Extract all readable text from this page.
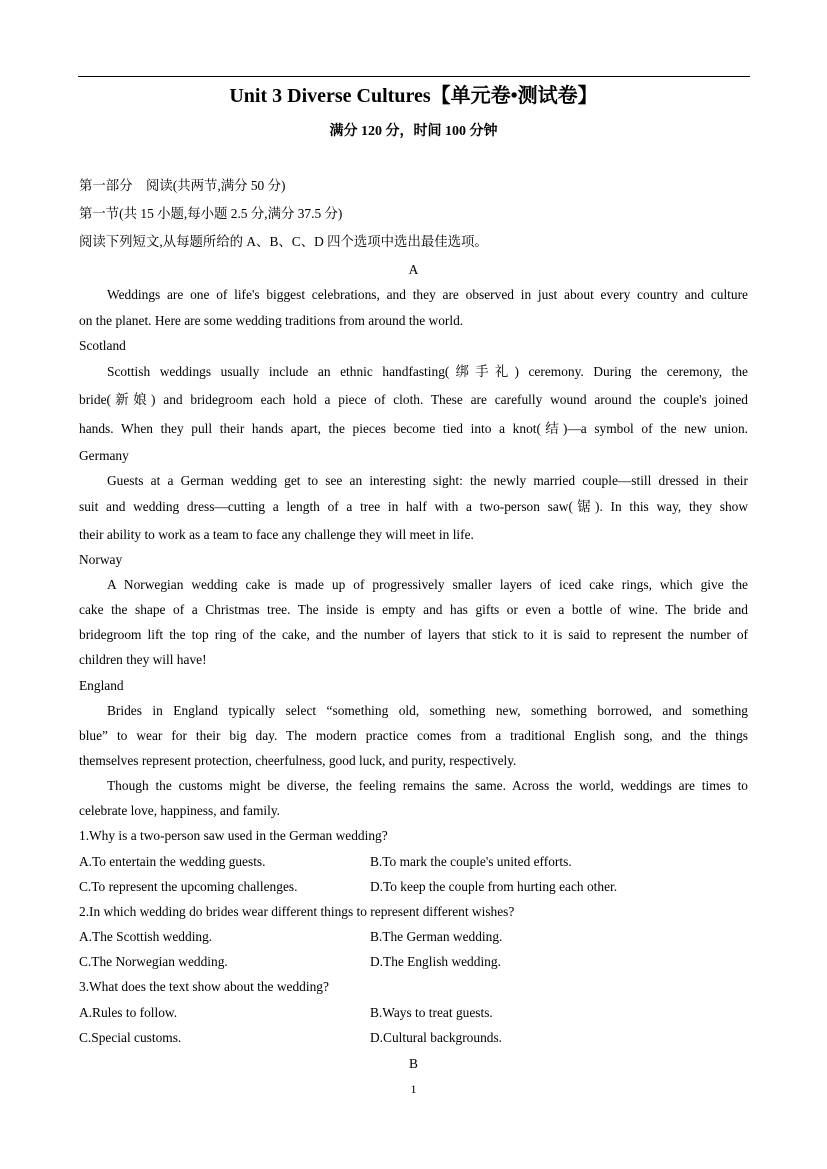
Unit 3 Diverse Cultures【单元卷•测试卷】
满分 120 分，时间 100 分钟
第一部分　阅读(共两节,满分 50 分)
第一节(共 15 小题,每小题 2.5 分,满分 37.5 分)
阅读下列短文,从每题所给的 A、B、C、D 四个选项中选出最佳选项。
A
Weddings are one of life's biggest celebrations, and they are observed in just about every country and culture
on the planet. Here are some wedding traditions from around the world.
Scotland
Scottish weddings usually include an ethnic handfasting(绑手礼) ceremony. During the ceremony, the
bride(新娘) and bridegroom each hold a piece of cloth. These are carefully wound around the couple's joined
hands. When they pull their hands apart, the pieces become tied into a knot(结)—a symbol of the new union.
Germany
Guests at a German wedding get to see an interesting sight: the newly married couple—still dressed in their
suit and wedding dress—cutting a length of a tree in half with a two-person saw(锯). In this way, they show
their ability to work as a team to face any challenge they will meet in life.
Norway
A Norwegian wedding cake is made up of progressively smaller layers of iced cake rings, which give the
cake the shape of a Christmas tree. The inside is empty and has gifts or even a bottle of wine. The bride and
bridegroom lift the top ring of the cake, and the number of layers that stick to it is said to represent the number of
children they will have!
England
Brides in England typically select “something old, something new, something borrowed, and something
blue” to wear for their big day. The modern practice comes from a traditional English song, and the things
themselves represent protection, cheerfulness, good luck, and purity, respectively.
Though the customs might be diverse, the feeling remains the same. Across the world, weddings are times to
celebrate love, happiness, and family.
1.Why is a two-person saw used in the German wedding?
A.To entertain the wedding guests.	B.To mark the couple's united efforts.
C.To represent the upcoming challenges.	D.To keep the couple from hurting each other.
2.In which wedding do brides wear different things to represent different wishes?
A.The Scottish wedding.	B.The German wedding.
C.The Norwegian wedding.	D.The English wedding.
3.What does the text show about the wedding?
A.Rules to follow.	B.Ways to treat guests.
C.Special customs.	D.Cultural backgrounds.
B
1
